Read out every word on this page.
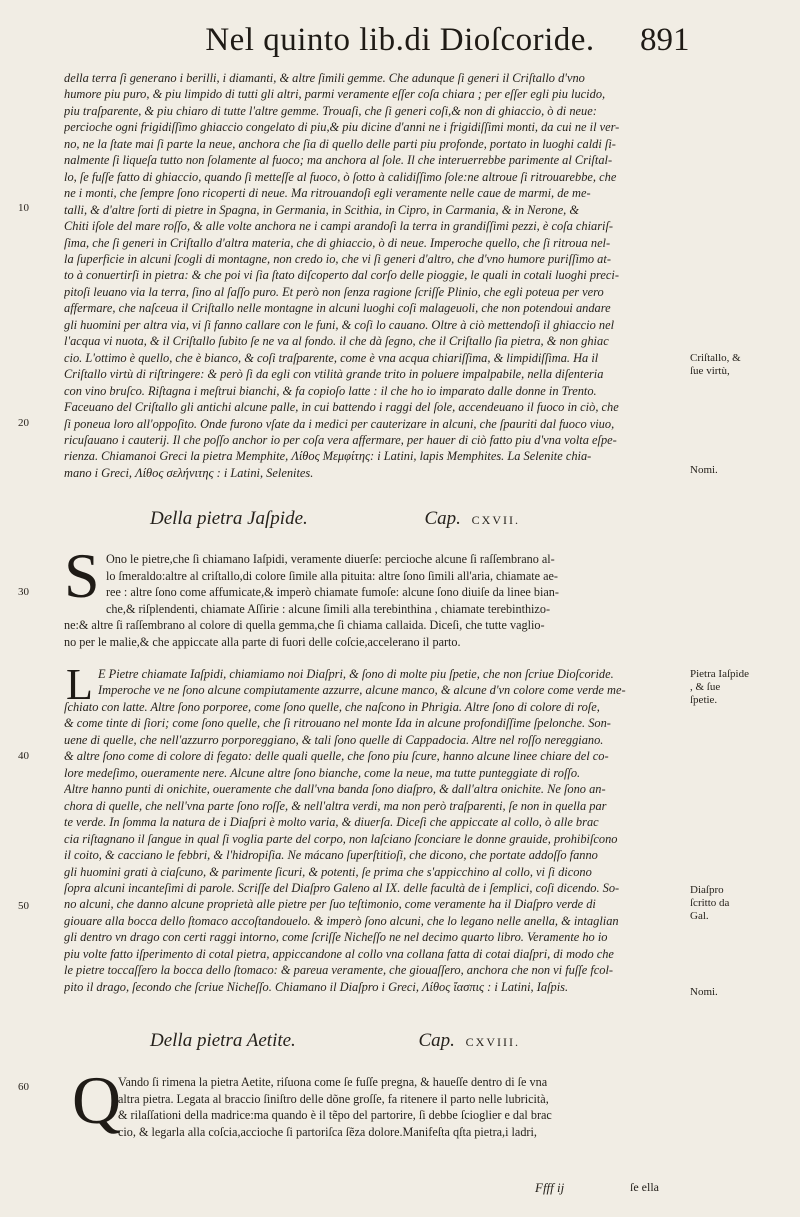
Nel quinto lib.di Dioſcoride.	891

della terra ſi generano i berilli, i diamanti, & altre ſimili gemme. Che adunque ſi generi il Criſtallo d'vno
humore piu puro, & piu limpido di tutti gli altri, parmi veramente eſſer coſa chiara ; per eſſer egli piu lucido,
piu traſparente, & piu chiaro di tutte l'altre gemme. Trouaſi, che ſi generi coſi,& non di ghiaccio, ò di neue:
percioche ogni frigidiſſimo ghiaccio congelato di piu,& piu dicine d'anni ne i frigidiſſimi monti, da cui ne il ver-
no, ne la ſtate mai ſi parte la neue, anchora che ſia di quello delle parti piu profonde, portato in luoghi caldi ſi-
nalmente ſi liqueſa tutto non ſolamente al fuoco; ma anchora al ſole. Il che interuerrebbe parimente al Criſtal-
lo, ſe fuſſe fatto di ghiaccio, quando ſi metteſſe al fuoco, ò ſotto à calidiſſimo ſole:ne altroue ſi ritrouarebbe, che
ne i monti, che ſempre ſono ricoperti di neue. Ma ritrouandoſi egli veramente nelle caue de marmi, de me-
talli, & d'altre ſorti di pietre in Spagna, in Germania, in Scithia, in Cipro, in Carmania, & in Nerone, &
Chiti iſole del mare roſſo, & alle volte anchora ne i campi arandoſi la terra in grandiſſimi pezzi, è coſa chiariſ-
ſima, che ſi generi in Criſtallo d'altra materia, che di ghiaccio, ò di neue. Imperoche quello, che ſi ritroua nel-
la ſuperficie in alcuni ſcogli di montagne, non credo io, che vi ſi generi d'altro, che d'vno humore puriſſimo at-
to à conuertirſi in pietra: & che poi vi ſia ſtato diſcoperto dal corſo delle pioggie, le quali in cotali luoghi preci-
pitoſi leuano via la terra, ſino al ſaſſo puro. Et però non ſenza ragione ſcriſſe Plinio, che egli poteua per vero
affermare, che naſceua il Criſtallo nelle montagne in alcuni luoghi coſi malageuoli, che non potendoui andare
gli huomini per altra via, vi ſi fanno callare con le funi, & coſi lo cauano. Oltre à ciò mettendoſi il ghiaccio nel
l'acqua vi nuota, & il Criſtallo ſubito ſe ne va al fondo. il che dà ſegno, che il Criſtallo ſia pietra, & non ghiac
cio. L'ottimo è quello, che è bianco, & coſi traſparente, come è vna acqua chiariſſima, & limpidiſſima. Ha il
Criſtallo virtù di riſtringere: & però ſi da egli con vtilità grande trito in poluere impalpabile, nella diſenteria
con vino bruſco. Riſtagna i meſtrui bianchi, & fa copioſo latte : il che ho io imparato dalle donne in Trento.
Faceuano del Criſtallo gli antichi alcune palle, in cui battendo i raggi del ſole, accendeuano il fuoco in ciò, che
ſi poneua loro all'oppoſito. Onde furono vſate da i medici per cauterizare in alcuni, che ſpauriti dal fuoco viuo,
ricuſauano i cauterij. Il che poſſo anchor io per coſa vera affermare, per hauer di ciò fatto piu d'vna volta eſpe-
rienza. Chiamanoi Greci la pietra Memphite, Λίθος Μεμφίτης: i Latini, lapis Memphites. La Selenite chia-
mano i Greci, Λίθος σελήνιτης : i Latini, Selenites.

Della pietra Jaſpide.	Cap. CXVII.
S Ono le pietre,che ſi chiamano Iaſpidi, veramente diuerſe: percioche alcune ſi raſſembrano al-
lo ſmeraldo:altre al criſtallo,di colore ſimile alla pituita: altre ſono ſimili all'aria, chiamate ae-
ree : altre ſono come affumicate,& imperò chiamate fumoſe: alcune ſono diuiſe da linee bian-
che,& riſplendenti, chiamate Aſſirie : alcune ſimili alla terebinthina , chiamate terebinthizo-

ne:& altre ſi raſſembrano al colore di quella gemma,che ſi chiama callaida. Diceſi, che tutte vaglio-
no per le malie,& che appiccate alla parte di fuori delle coſcie,accelerano il parto.

L E Pietre chiamate Iaſpidi, chiamiamo noi Diaſpri, & ſono di molte piu ſpetie, che non ſcriue Dioſcoride.
Imperoche ve ne ſono alcune compiutamente azzurre, alcune manco, & alcune d'vn colore come verde me-

ſchiato con latte. Altre ſono porporee, come ſono quelle, che naſcono in Phrigia. Altre ſono di colore di roſe,
& come tinte di ſiori; come ſono quelle, che ſi ritrouano nel monte Ida in alcune profondiſſime ſpelonche. Son-
uene di quelle, che nell'azzurro porporeggiano, & tali ſono quelle di Cappadocia. Altre nel roſſo nereggiano.
& altre ſono come di colore di fegato: delle quali quelle, che ſono piu ſcure, hanno alcune linee chiare del co-
lore medeſimo, oueramente nere. Alcune altre ſono bianche, come la neue, ma tutte punteggiate di roſſo.
Altre hanno punti di onichite, oueramente che dall'vna banda ſono diaſpro, & dall'altra onichite. Ne ſono an-
chora di quelle, che nell'vna parte ſono roſſe, & nell'altra verdi, ma non però traſparenti, ſe non in quella par
te verde. In ſomma la natura de i Diaſpri è molto varia, & diuerſa. Diceſi che appiccate al collo, ò alle brac
cia riſtagnano il ſangue in qual ſi voglia parte del corpo, non laſciano ſconciare le donne grauide, prohibiſcono
il coito, & cacciano le febbri, & l'hidropiſia. Ne mácano ſuperſtitioſi, che dicono, che portate addoſſo fanno
gli huomini grati à ciaſcuno, & parimente ſicuri, & potenti, ſe prima che s'appicchino al collo, vi ſi dicono
ſopra alcuni incanteſimi di parole. Scriſſe del Diaſpro Galeno al IX. delle facultà de i ſemplici, coſi dicendo. So-
no alcuni, che danno alcune proprietà alle pietre per ſuo teſtimonio, come veramente ha il Diaſpro verde di
giouare alla bocca dello ſtomaco accoſtandouelo. & imperò ſono alcuni, che lo legano nelle anella, & intaglian
gli dentro vn drago con certi raggi intorno, come ſcriſſe Nicheſſo ne nel decimo quarto libro. Veramente ho io
piu volte fatto iſperimento di cotal pietra, appiccandone al collo vna collana fatta di cotai diaſpri, di modo che
le pietre toccaſſero la bocca dello ſtomaco: & pareua veramente, che giouaſſero, anchora che non vi fuſſe fcol-
pito il drago, ſecondo che ſcriue Nicheſſo. Chiamano il Diaſpro i Greci, Λίθος ἴασπις : i Latini, Iaſpis.

Della pietra Aetite.	Cap. CXVIII.
Q

Vando ſi rimena la pietra Aetite, riſuona come ſe fuſſe pregna, & haueſſe dentro di ſe vna
altra pietra. Legata al braccio ſiniſtro delle dõne groſſe, fa ritenere il parto nelle lubricità,
& rilaſſationi della madrice:ma quando è il tẽpo del partorire, ſi debbe ſcioglier e dal brac
cio, & legarla alla coſcia,accioche ſi partoriſca ſẽza dolore.Manifeſta qſta pietra,i ladri,

Ffff ij	ſe ella
10
20
30
40
50
60
Criſtallo, & ſue virtù,
Nomi.
Pietra Iaſpide , & ſue ſpetie.
Diaſpro ſcritto da Gal.
Nomi.
